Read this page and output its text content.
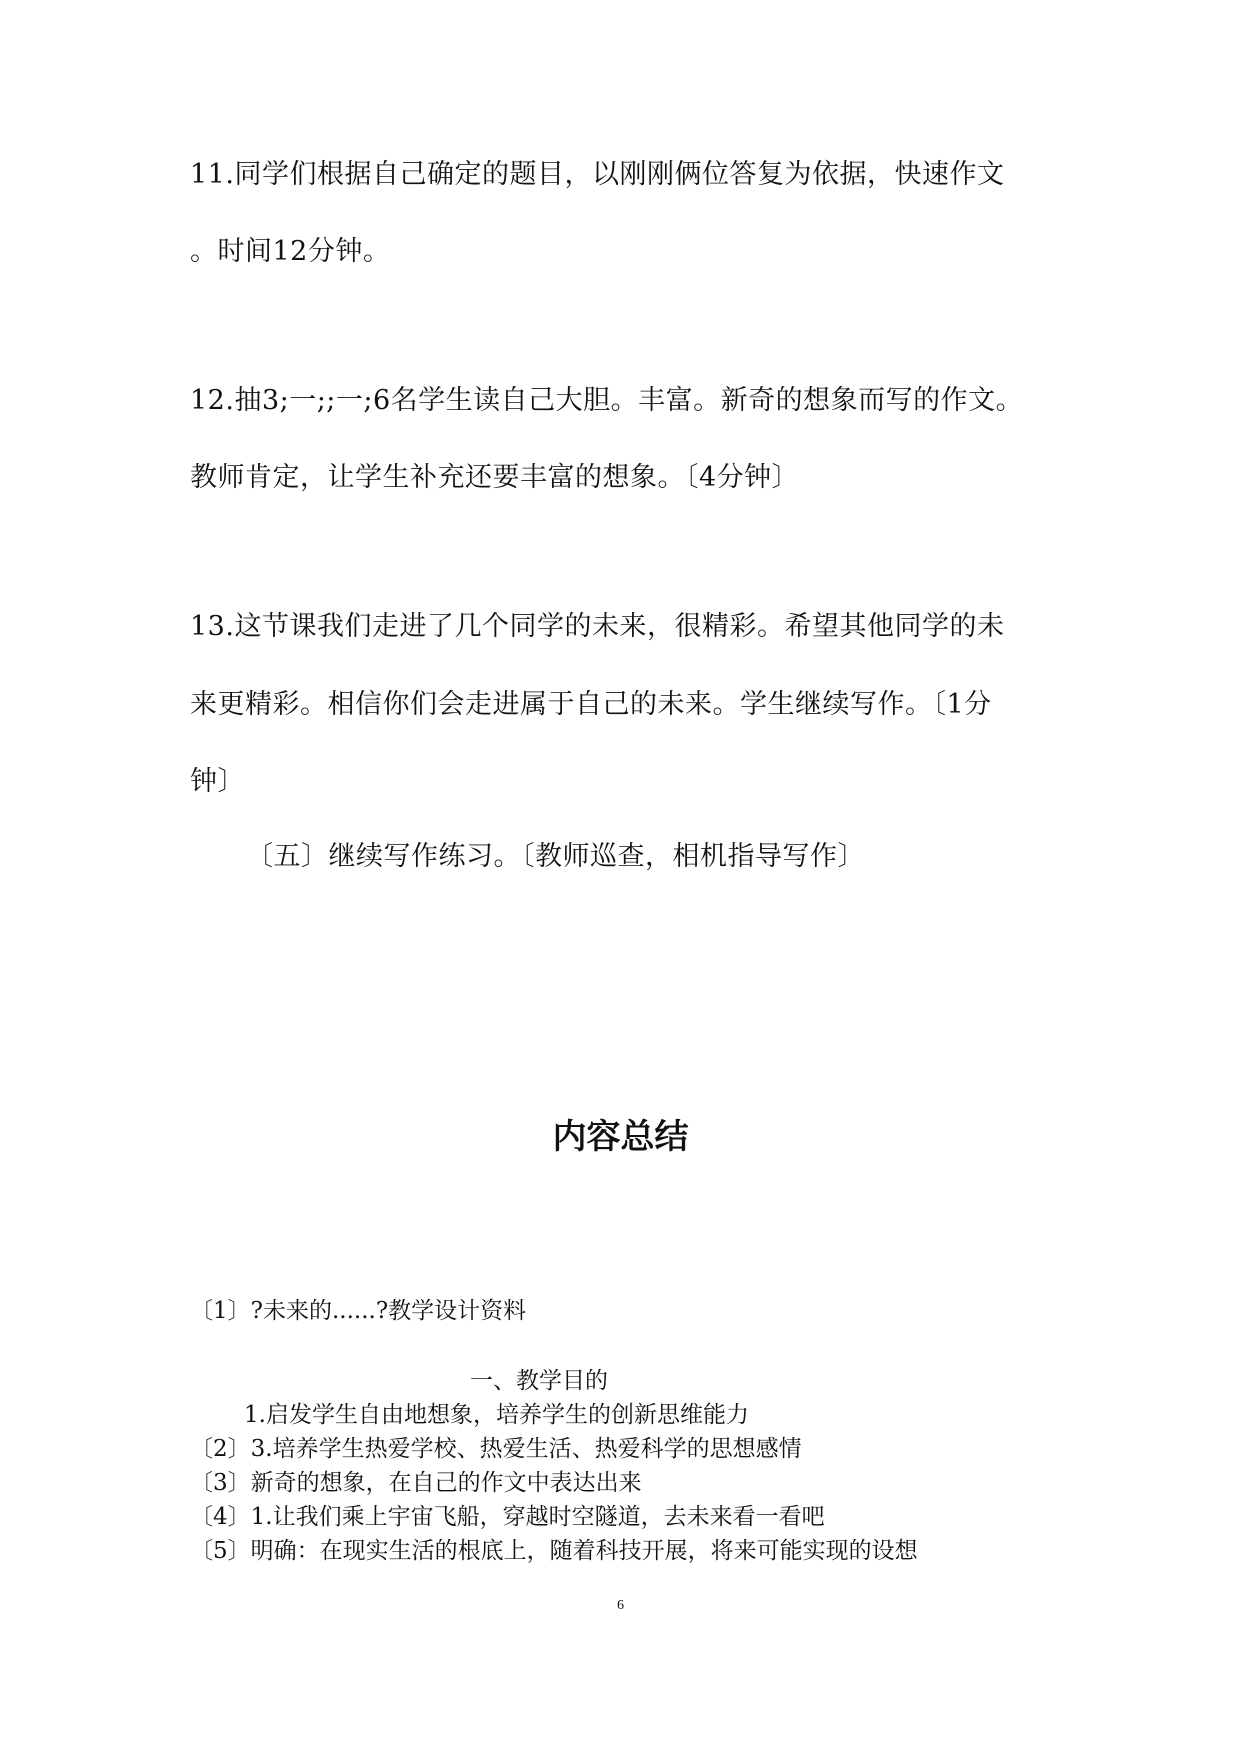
11.同学们根据自己确定的题目，以刚刚俩位答复为依据，快速作文
。时间12分钟。
12.抽3;一;;一;6名学生读自己大胆。丰富。新奇的想象而写的作文。
教师肯定，让学生补充还要丰富的想象。〔4分钟〕
13.这节课我们走进了几个同学的未来，很精彩。希望其他同学的未
来更精彩。相信你们会走进属于自己的未来。学生继续写作。〔1分
钟〕
〔五〕继续写作练习。〔教师巡查，相机指导写作〕
内容总结
〔1〕?未来的......?教学设计资料
一、教学目的
1.启发学生自由地想象，培养学生的创新思维能力
〔2〕3.培养学生热爱学校、热爱生活、热爱科学的思想感情
〔3〕新奇的想象，在自己的作文中表达出来
〔4〕1.让我们乘上宇宙飞船，穿越时空隧道，去未来看一看吧
〔5〕明确：在现实生活的根底上，随着科技开展，将来可能实现的设想
6
